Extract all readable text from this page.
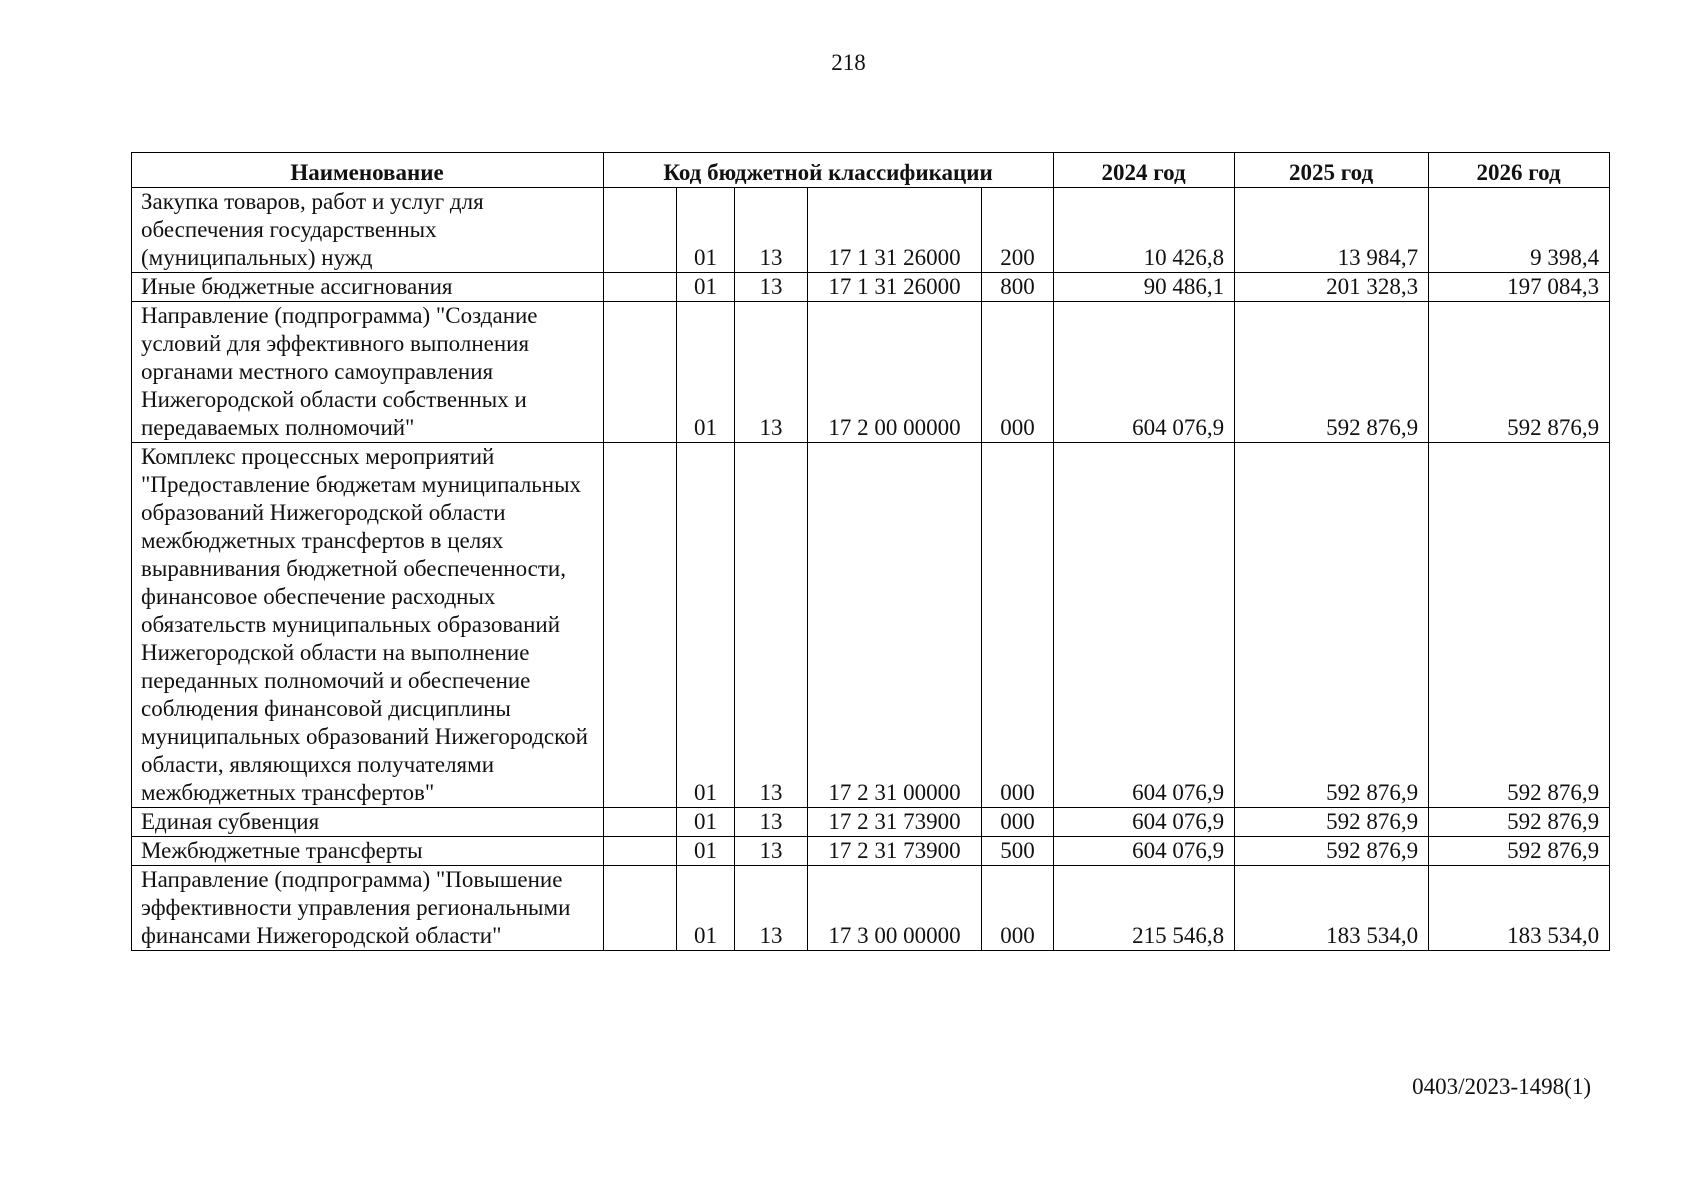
218
Наименование	Код бюджетной классификации					2024 год	2025 год	2026 год
Закупка товаров, работ и услуг для обеспечения государственных (муниципальных) нужд		01	13	17 1 31 26000	200	10 426,8	13 984,7	9 398,4
Иные бюджетные ассигнования		01	13	17 1 31 26000	800	90 486,1	201 328,3	197 084,3
Направление (подпрограмма) "Создание условий для эффективного выполнения органами местного самоуправления Нижегородской области собственных и передаваемых полномочий"		01	13	17 2 00 00000	000	604 076,9	592 876,9	592 876,9
Комплекс процессных мероприятий "Предоставление бюджетам муниципальных образований Нижегородской области межбюджетных трансфертов в целях выравнивания бюджетной обеспеченности, финансовое обеспечение расходных обязательств муниципальных образований Нижегородской области на выполнение переданных полномочий и обеспечение соблюдения финансовой дисциплины муниципальных образований Нижегородской области, являющихся получателями межбюджетных трансфертов"		01	13	17 2 31 00000	000	604 076,9	592 876,9	592 876,9
Единая субвенция		01	13	17 2 31 73900	000	604 076,9	592 876,9	592 876,9
Межбюджетные трансферты		01	13	17 2 31 73900	500	604 076,9	592 876,9	592 876,9
Направление (подпрограмма) "Повышение эффективности управления региональными финансами Нижегородской области"		01	13	17 3 00 00000	000	215 546,8	183 534,0	183 534,0
0403/2023-1498(1)
